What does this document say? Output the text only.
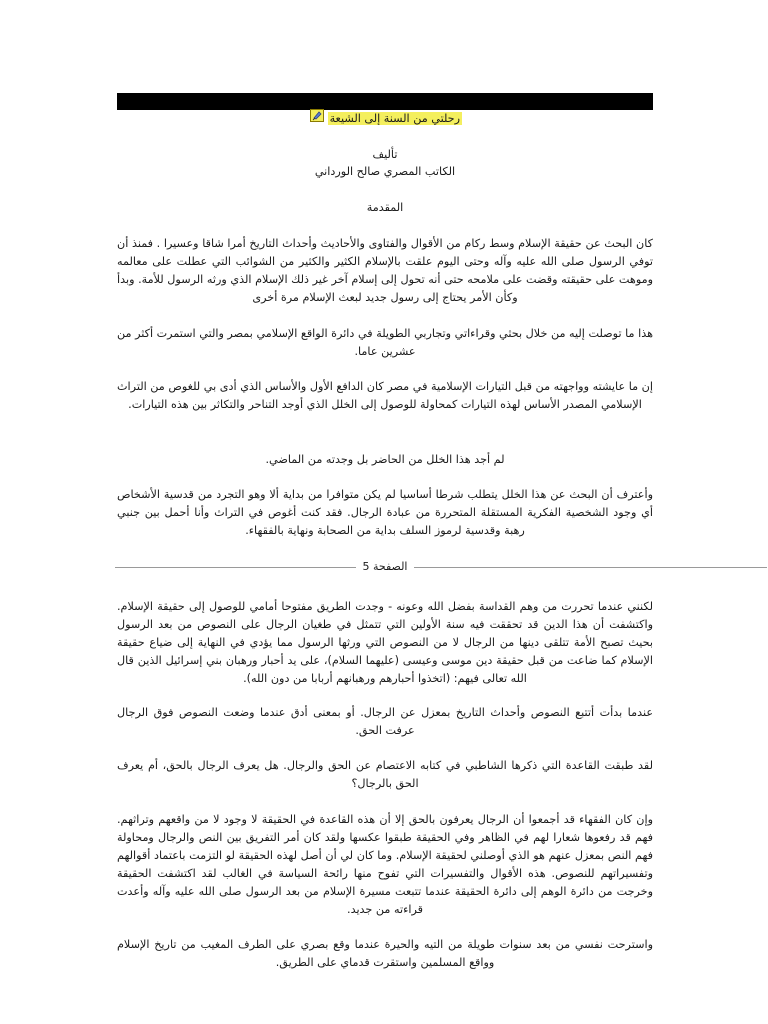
رحلتي من السنة إلى الشيعة

تأليف

الكاتب المصري صالح الورداني

المقدمة

كان البحث عن حقيقة الإسلام وسط ركام من الأقوال والفتاوى والأحاديث وأحداث التاريخ أمرا شاقا وعسيرا . فمنذ أن توفي الرسول صلى الله عليه وآله وحتى اليوم علقت بالإسلام الكثير والكثير من الشوائب التي عطلت على معالمه وموهت على حقيقته وقضت على ملامحه حتى أنه تحول إلى إسلام آخر غير ذلك الإسلام الذي ورثه الرسول للأمة. وبدأ وكأن الأمر يحتاج إلى رسول جديد لبعث الإسلام مرة أخرى

هذا ما توصلت إليه من خلال بحثي وقراءاتي وتجاربي الطويلة في دائرة الواقع الإسلامي بمصر والتي استمرت أكثر من عشرين عاما.

إن ما عايشته وواجهته من قبل التيارات الإسلامية في مصر كان الدافع الأول والأساس الذي أدى بي للغوص من التراث الإسلامي المصدر الأساس لهذه التيارات كمحاولة للوصول إلى الخلل الذي أوجد التناحر والتكاثر بين هذه التيارات.

لم أجد هذا الخلل من الحاضر بل وجدته من الماضي.

وأعترف أن البحث عن هذا الخلل يتطلب شرطا أساسيا لم يكن متوافرا من بداية ألا وهو التجرد من قدسية الأشخاص أي وجود الشخصية الفكرية المستقلة المتحررة من عبادة الرجال. فقد كنت أغوص في التراث وأنا أحمل بين جنبي رهبة وقدسية لرموز السلف بداية من الصحابة ونهاية بالفقهاء.

الصفحة 5

لكنني عندما تحررت من وهم القداسة بفضل الله وعونه - وجدت الطريق مفتوحا أمامي للوصول إلى حقيقة الإسلام. واكتشفت أن هذا الدين قد تحققت فيه سنة الأولين التي تتمثل في طغيان الرجال على النصوص من بعد الرسول بحيث تصبح الأمة تتلقى دينها من الرجال لا من النصوص التي ورثها الرسول مما يؤدي في النهاية إلى ضياع حقيقة الإسلام كما ضاعت من قبل حقيقة دين موسى وعيسى (عليهما السلام)، على يد أحبار ورهبان بني إسرائيل الذين قال الله تعالى فيهم: (اتخذوا أحبارهم ورهبانهم أربابا من دون الله).

عندما بدأت أتتبع النصوص وأحداث التاريخ بمعزل عن الرجال. أو بمعنى أدق عندما وضعت النصوص فوق الرجال عرفت الحق.

لقد طبقت القاعدة التي ذكرها الشاطبي في كتابه الاعتصام عن الحق والرجال. هل يعرف الرجال بالحق، أم يعرف الحق بالرجال؟

وإن كان الفقهاء قد أجمعوا أن الرجال يعرفون بالحق إلا أن هذه القاعدة في الحقيقة لا وجود لا من واقعهم وتراثهم. فهم قد رفعوها شعارا لهم في الظاهر وفي الحقيقة طبقوا عكسها ولقد كان أمر التفريق بين النص والرجال ومحاولة فهم النص بمعزل عنهم هو الذي أوصلني لحقيقة الإسلام. وما كان لي أن أصل لهذه الحقيقة لو التزمت باعتماد أقوالهم وتفسيراتهم للنصوص. هذه الأقوال والتفسيرات التي تفوح منها رائحة السياسة في الغالب لقد اكتشفت الحقيقة وخرجت من دائرة الوهم إلى دائرة الحقيقة عندما تتبعت مسيرة الإسلام من بعد الرسول صلى الله عليه وآله وأعدت قراءته من جديد.

واسترحت نفسي من بعد سنوات طويلة من التيه والحيرة عندما وقع بصري على الطرف المغيب من تاريخ الإسلام وواقع المسلمين واستقرت قدماي على الطريق.
